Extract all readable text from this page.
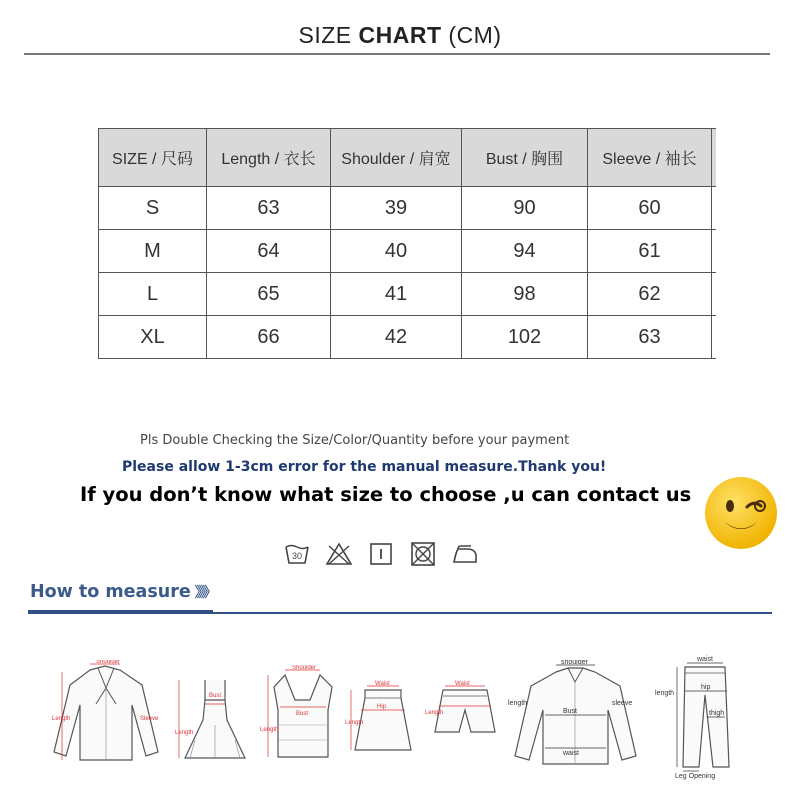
SIZE CHART (CM)
SIZE / 尺码	Length / 衣长	Shoulder / 肩宽	Bust / 胸围	Sleeve / 袖长	
S	63	39	90	60	
M	64	40	94	61	
L	65	41	98	62	
XL	66	42	102	63	
Pls Double Checking the Size/Color/Quantity before your payment
Please allow 1-3cm error for the manual measure.Thank you!
If you don’t know what size to choose ,u can contact us
30
How to measure 》》》
Shoulder
Length	Sleeve
Bust
Length
Shoulder
Bust
Length
Waist
Hip
Length
Waist
Length
shoulder
Bust
waist
length	sleeve
waist
hip
thigh
length
Leg Opening
